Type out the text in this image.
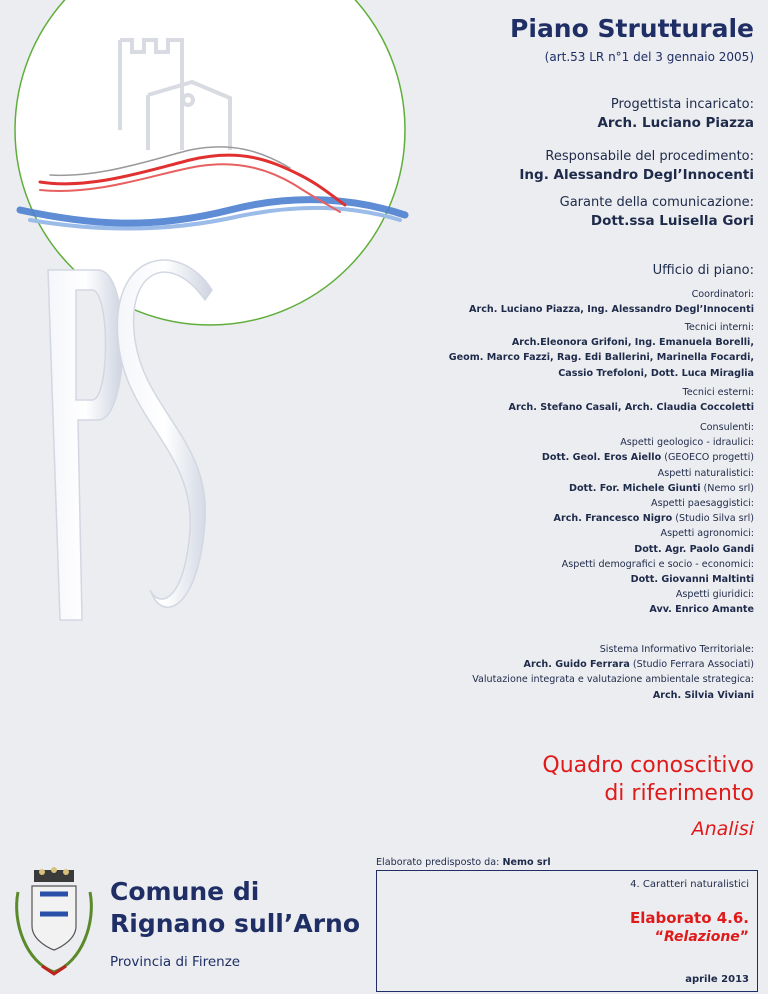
Piano Strutturale
(art.53 LR n°1 del 3 gennaio 2005)
Progettista incaricato:
Arch. Luciano Piazza
Responsabile del procedimento:
Ing. Alessandro Degl’Innocenti
Garante della comunicazione:
Dott.ssa Luisella Gori
Ufficio di piano:
Coordinatori:
Arch. Luciano Piazza, Ing. Alessandro Degl’Innocenti
Tecnici interni:
Arch.Eleonora Grifoni, Ing. Emanuela Borelli,
Geom. Marco Fazzi, Rag. Edi Ballerini, Marinella Focardi,
Cassio Trefoloni, Dott. Luca Miraglia
Tecnici esterni:
Arch. Stefano Casali, Arch. Claudia Coccoletti
Consulenti:
Aspetti geologico - idraulici:
Dott. Geol. Eros Aiello (GEOECO progetti)
Aspetti naturalistici:
Dott. For. Michele Giunti (Nemo srl)
Aspetti paesaggistici:
Arch. Francesco Nigro (Studio Silva srl)
Aspetti agronomici:
Dott. Agr. Paolo Gandi
Aspetti demografici e socio - economici:
Dott. Giovanni Maltinti
Aspetti giuridici:
Avv. Enrico Amante
Sistema Informativo Territoriale:
Arch. Guido Ferrara (Studio Ferrara Associati)
Valutazione integrata e valutazione ambientale strategica:
Arch. Silvia Viviani
Quadro conoscitivo
di riferimento
Analisi
Elaborato predisposto da: Nemo srl
4. Caratteri naturalistici
Elaborato 4.6.
“Relazione”
aprile 2013
Comune di
Rignano sull’Arno
Provincia di Firenze
